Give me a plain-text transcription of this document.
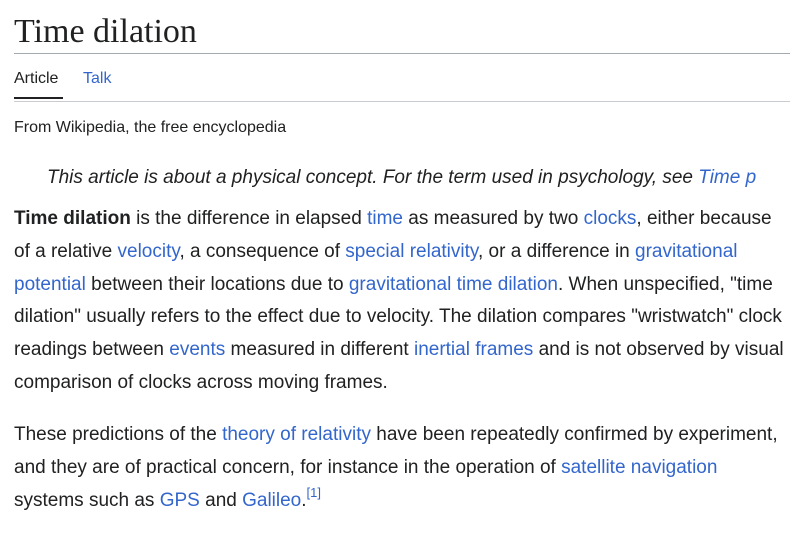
Time dilation
Article Talk
From Wikipedia, the free encyclopedia
This article is about a physical concept. For the term used in psychology, see Time p

Time dilation is the difference in elapsed time as measured by two clocks, either because of a relative velocity, a consequence of special relativity, or a difference in gravitational potential between their locations due to gravitational time dilation. When unspecified, "time dilation" usually refers to the effect due to velocity. The dilation compares "wristwatch" clock readings between events measured in different inertial frames and is not observed by visual comparison of clocks across moving frames.

These predictions of the theory of relativity have been repeatedly confirmed by experiment, and they are of practical concern, for instance in the operation of satellite navigation systems such as GPS and Galileo.[1]
